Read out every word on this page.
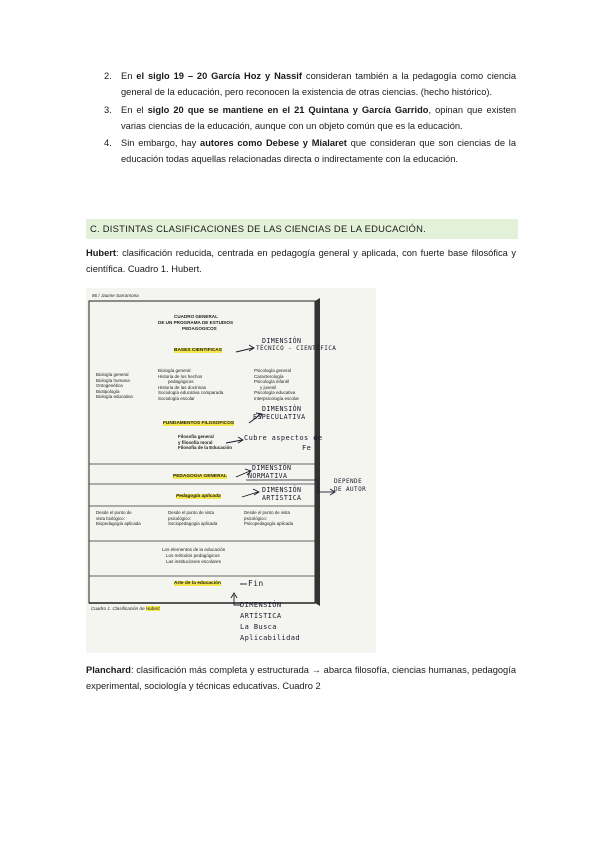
2. En el siglo 19 – 20 García Hoz y Nassif consideran también a la pedagogía como ciencia general de la educación, pero reconocen la existencia de otras ciencias. (hecho histórico).
3. En el siglo 20 que se mantiene en el 21 Quintana y García Garrido, opinan que existen varias ciencias de la educación, aunque con un objeto común que es la educación.
4. Sin embargo, hay autores como Debese y Mialaret que consideran que son ciencias de la educación todas aquellas relacionadas directa o indirectamente con la educación.
C. DISTINTAS CLASIFICACIONES DE LAS CIENCIAS DE LA EDUCACIÓN.
Hubert: clasificación reducida, centrada en pedagogía general y aplicada, con fuerte base filosófica y científica. Cuadro 1. Hubert.
86 / Jaume Sarramona
CUADRO GENERAL
DE UN PROGRAMA DE ESTUDIOS
PEDAGOGICOS
BASES CIENTIFICAS
Biología general
Biología humana
Ontogenética
Biotipología
Biología educativa
Biología general
Historia de los hechos
pedagógicos
Historia de las doctrinas
Sociología educativa comparada
Sociología escolar
Psicología general
Caracterología
Psicología infantil
y juvenil
Psicología educativa
Interpsicología escolar
FUNDAMENTOS FILOSOFICOS
Filosofía general
y filosofía moral
Filosofía de la Educación
PEDAGOGIA GENERAL
Pedagogía aplicada
Desde el punto de
vista biológico:
Biopedagogía aplicada
Desde el punto de vista
psicológico:
Sociopedagogía aplicada
Desde el punto de vista
psicológico:
Psicopedagogía aplicada
Los elementos de la educación
Los métodos pedagógicos
Las instituciones escolares
Arte de la educación
Cuadro 1. Clasificación de Hubert
DIMENSIÓN
TÉCNICO - CIENTÍFICA
DIMENSIÓN
ESPECULATIVA
Cubre aspectos de
Fe
DIMENSIÓN
NORMATIVA
DIMENSIÓN
ARTÍSTICA
DEPENDE
DE AUTOR
Fin
DIMENSIÓN
ARTÍSTICA
La Busca
Aplicabilidad
Planchard: clasificación más completa y estructurada → abarca filosofía, ciencias humanas, pedagogía experimental, sociología y técnicas educativas. Cuadro 2
